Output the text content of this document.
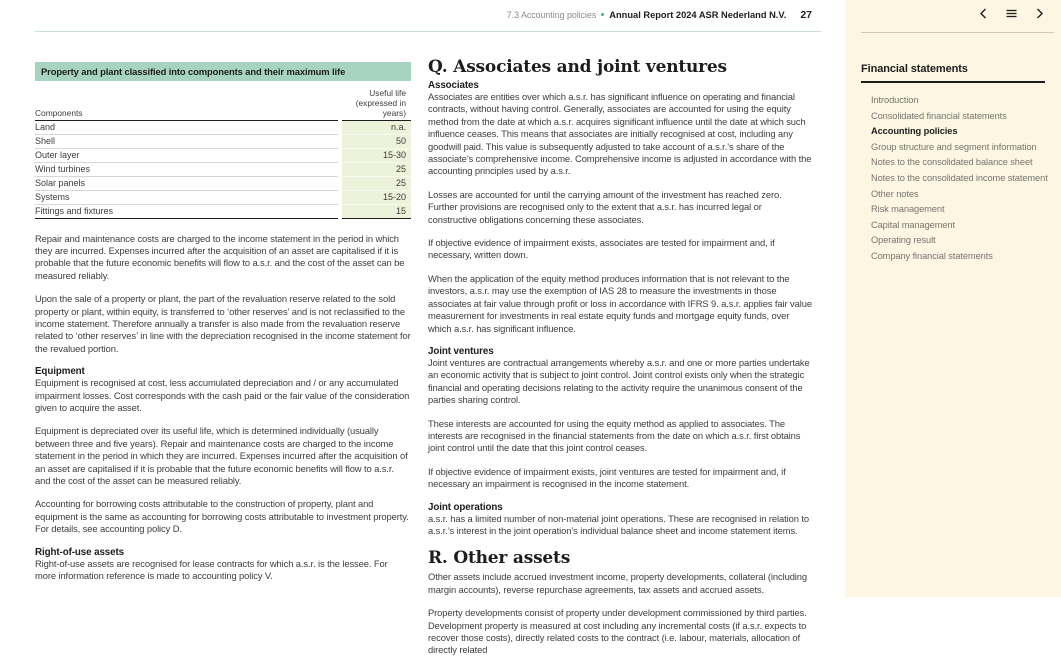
7.3 Accounting policies Annual Report 2024 ASR Nederland N.V. 27
Property and plant classified into components and their maximum life
Components
Useful life
(expressed in
years)
Land	n.a.
Shell	50
Outer layer	15-30
Wind turbines	25
Solar panels	25
Systems	15-20
Fittings and fixtures	15

Repair and maintenance costs are charged to the income statement in the period in which they are incurred. Expenses incurred after the acquisition of an asset are capitalised if it is probable that the future economic benefits will flow to a.s.r. and the cost of the asset can be measured reliably.

Upon the sale of a property or plant, the part of the revaluation reserve related to the sold property or plant, within equity, is transferred to ‘other reserves’ and is not reclassified to the income statement. Therefore annually a transfer is also made from the revaluation reserve related to ‘other reserves’ in line with the depreciation recognised in the income statement for the revalued portion.

Equipment

Equipment is recognised at cost, less accumulated depreciation and / or any accumulated impairment losses. Cost corresponds with the cash paid or the fair value of the consideration given to acquire the asset.

Equipment is depreciated over its useful life, which is determined individually (usually between three and five years). Repair and maintenance costs are charged to the income statement in the period in which they are incurred. Expenses incurred after the acquisition of an asset are capitalised if it is probable that the future economic benefits will flow to a.s.r. and the cost of the asset can be measured reliably.

Accounting for borrowing costs attributable to the construction of property, plant and equipment is the same as accounting for borrowing costs attributable to investment property. For details, see accounting policy D.

Right-of-use assets

Right-of-use assets are recognised for lease contracts for which a.s.r. is the lessee. For more information reference is made to accounting policy V.

Q. Associates and joint ventures
Associates

Associates are entities over which a.s.r. has significant influence on operating and financial contracts, without having control. Generally, associates are accounted for using the equity method from the date at which a.s.r. acquires significant influence until the date at which such influence ceases. This means that associates are initially recognised at cost, including any goodwill paid. This value is subsequently adjusted to take account of a.s.r.’s share of the associate’s comprehensive income. Comprehensive income is adjusted in accordance with the accounting principles used by a.s.r.

Losses are accounted for until the carrying amount of the investment has reached zero. Further provisions are recognised only to the extent that a.s.r. has incurred legal or constructive obligations concerning these associates.

If objective evidence of impairment exists, associates are tested for impairment and, if necessary, written down.

When the application of the equity method produces information that is not relevant to the investors, a.s.r. may use the exemption of IAS 28 to measure the investments in those associates at fair value through profit or loss in accordance with IFRS 9. a.s.r. applies fair value measurement for investments in real estate equity funds and mortgage equity funds, over which a.s.r. has significant influence.

Joint ventures

Joint ventures are contractual arrangements whereby a.s.r. and one or more parties undertake an economic activity that is subject to joint control. Joint control exists only when the strategic financial and operating decisions relating to the activity require the unanimous consent of the parties sharing control.

These interests are accounted for using the equity method as applied to associates. The interests are recognised in the financial statements from the date on which a.s.r. first obtains joint control until the date that this joint control ceases.

If objective evidence of impairment exists, joint ventures are tested for impairment and, if necessary an impairment is recognised in the income statement.

Joint operations

a.s.r. has a limited number of non-material joint operations. These are recognised in relation to a.s.r.’s interest in the joint operation’s individual balance sheet and income statement items.

R. Other assets

Other assets include accrued investment income, property developments, collateral (including margin accounts), reverse repurchase agreements, tax assets and accrued assets.

Property developments consist of property under development commissioned by third parties. Development property is measured at cost including any incremental costs (if a.s.r. expects to recover those costs), directly related costs to the contract (i.e. labour, materials, allocation of directly related

Financial statements
Introduction
Consolidated financial statements
Accounting policies
Group structure and segment information
Notes to the consolidated balance sheet
Notes to the consolidated income statement
Other notes
Risk management
Capital management
Operating result
Company financial statements
